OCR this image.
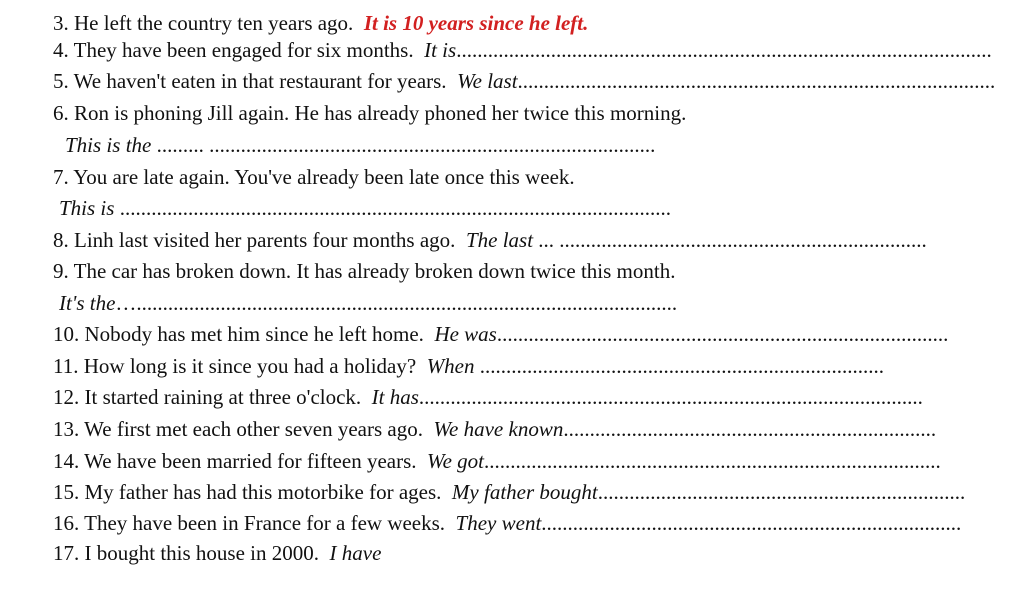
3. He left the country ten years ago. It is 10 years since he left.

4. They have been engaged for six months. It is......................................................................................................

5. We haven't eaten in that restaurant for years. We last...........................................................................................

6. Ron is phoning Jill again. He has already phoned her twice this morning.

This is the ......... .....................................................................................

7. You are late again. You've already been late once this week.

This is .........................................................................................................

8. Linh last visited her parents four months ago. The last ... ......................................................................

9. The car has broken down. It has already broken down twice this month.

It's the….......................................................................................................

10. Nobody has met him since he left home. He was......................................................................................

11. How long is it since you had a holiday? When .............................................................................

12. It started raining at three o'clock. It has................................................................................................

13. We first met each other seven years ago. We have known.......................................................................

14. We have been married for fifteen years. We got.......................................................................................

15. My father has had this motorbike for ages. My father bought......................................................................

16. They have been in France for a few weeks. They went................................................................................

17. I bought this house in 2000. I have
